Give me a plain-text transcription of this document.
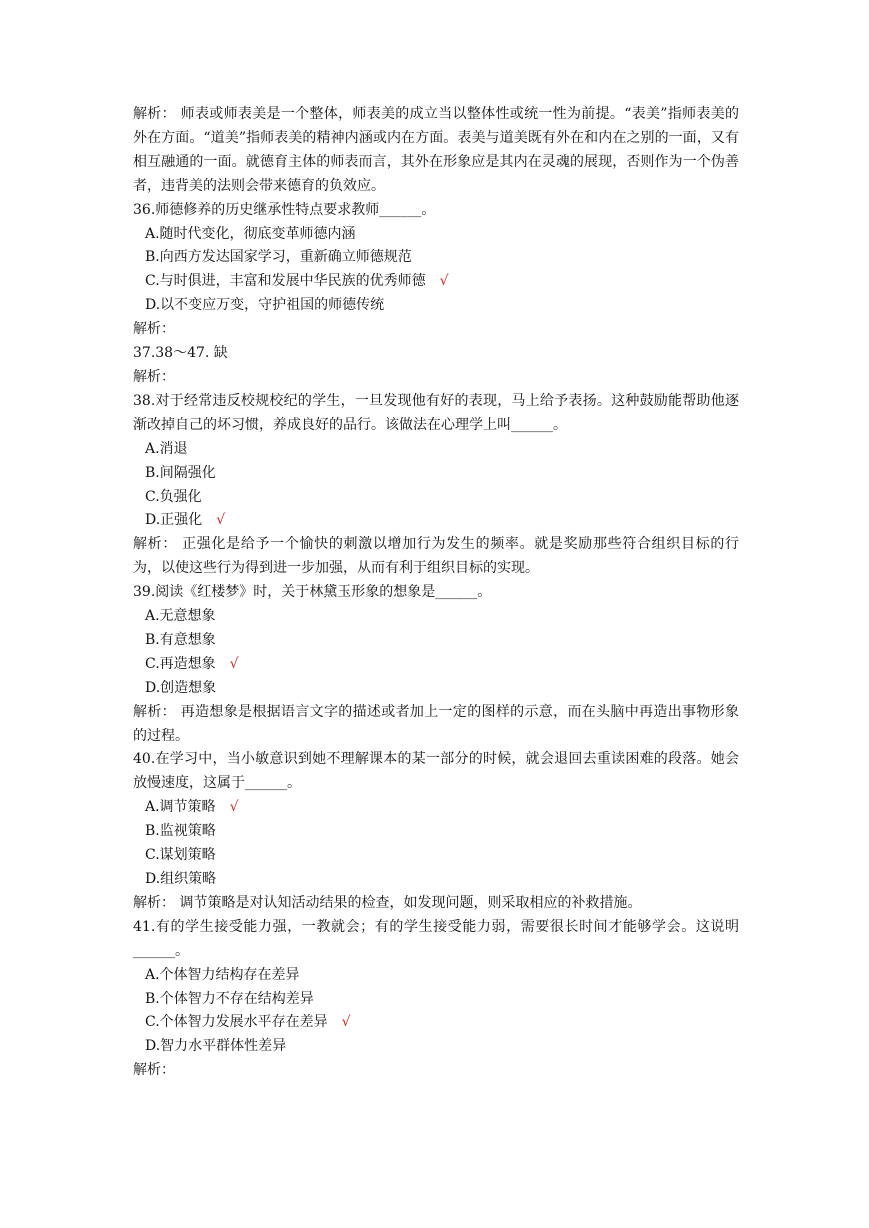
解析： 师表或师表美是一个整体，师表美的成立当以整体性或统一性为前提。“表美”指师表美的外在方面。“道美”指师表美的精神内涵或内在方面。表美与道美既有外在和内在之别的一面，又有相互融通的一面。就德育主体的师表而言，其外在形象应是其内在灵魂的展现，否则作为一个伪善者，违背美的法则会带来德育的负效应。
36.师德修养的历史继承性特点要求教师______。
A.随时代变化，彻底变革师德内涵
B.向西方发达国家学习，重新确立师德规范
C.与时俱进，丰富和发展中华民族的优秀师德 √
D.以不变应万变，守护祖国的师德传统
解析：
37.38～47. 缺
解析：
38.对于经常违反校规校纪的学生，一旦发现他有好的表现，马上给予表扬。这种鼓励能帮助他逐渐改掉自己的坏习惯，养成良好的品行。该做法在心理学上叫______。
A.消退
B.间隔强化
C.负强化
D.正强化 √
解析： 正强化是给予一个愉快的刺激以增加行为发生的频率。就是奖励那些符合组织目标的行为，以使这些行为得到进一步加强，从而有利于组织目标的实现。
39.阅读《红楼梦》时，关于林黛玉形象的想象是______。
A.无意想象
B.有意想象
C.再造想象 √
D.创造想象
解析： 再造想象是根据语言文字的描述或者加上一定的图样的示意，而在头脑中再造出事物形象的过程。
40.在学习中，当小敏意识到她不理解课本的某一部分的时候，就会退回去重读困难的段落。她会放慢速度，这属于______。
A.调节策略 √
B.监视策略
C.谋划策略
D.组织策略
解析： 调节策略是对认知活动结果的检查，如发现问题，则采取相应的补救措施。
41.有的学生接受能力强，一教就会；有的学生接受能力弱，需要很长时间才能够学会。这说明______。
A.个体智力结构存在差异
B.个体智力不存在结构差异
C.个体智力发展水平存在差异 √
D.智力水平群体性差异
解析：
